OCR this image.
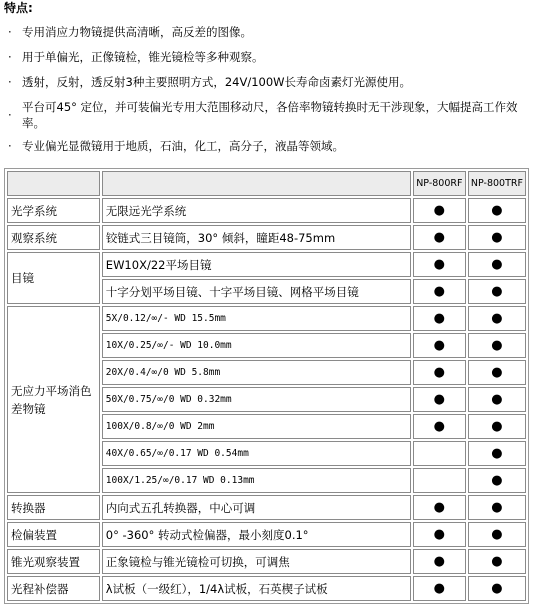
特点:
· 专用消应力物镜提供高清晰，高反差的图像。
· 用于单偏光，正像镜检，锥光镜检等多种观察。
· 透射，反射，透反射3种主要照明方式，24V/100W长寿命卤素灯光源使用。
·
平台可45° 定位，并可装偏光专用大范围移动尺，各倍率物镜转换时无干涉现象，大幅提高工作效率。
· 专业偏光显微镜用于地质，石油，化工，高分子，液晶等领域。
		NP-800RF	NP-800TRF
光学系统	无限远光学系统	●	●
观察系统	铰链式三目镜筒，30° 倾斜，瞳距48-75mm	●	●
目镜	EW10X/22平场目镜	●	●
	十字分划平场目镜、十字平场目镜、网格平场目镜	●	●
无应力平场消色差物镜	5X/0.12/∞/- WD 15.5mm	●	●
	10X/0.25/∞/- WD 10.0mm	●	●
	20X/0.4/∞/0 WD 5.8mm	●	●
	50X/0.75/∞/0 WD 0.32mm	●	●
	100X/0.8/∞/0 WD 2mm	●	●
	40X/0.65/∞/0.17 WD 0.54mm		●
	100X/1.25/∞/0.17 WD 0.13mm		●
转换器	内向式五孔转换器，中心可调	●	●
检偏装置	0° -360° 转动式检偏器，最小刻度0.1°	●	●
锥光观察装置	正象镜检与锥光镜检可切换，可调焦	●	●
光程补偿器	λ试板（一级红），1/4λ试板，石英楔子试板	●	●
